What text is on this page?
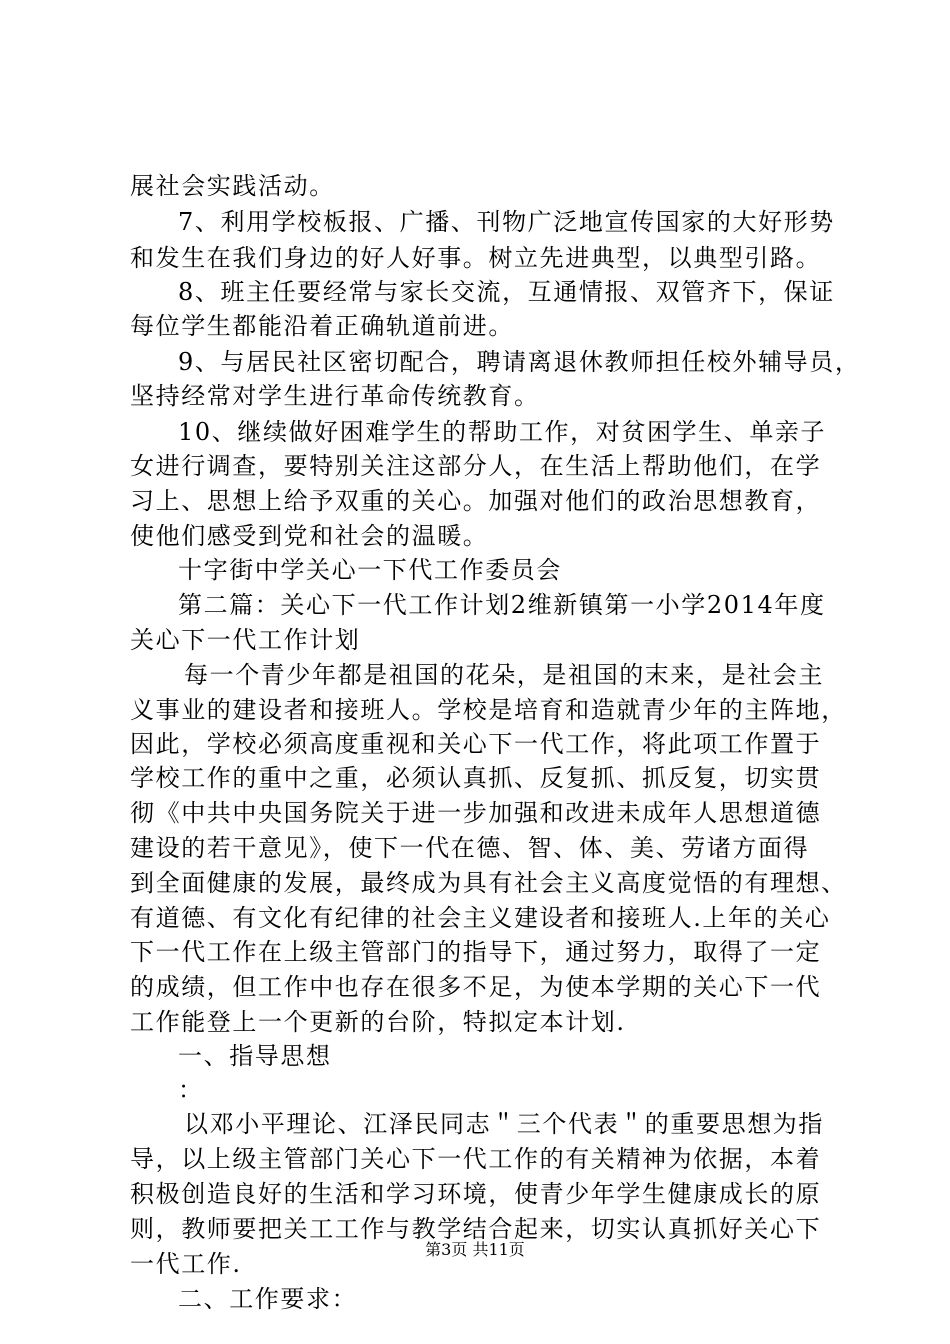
展社会实践活动。
7、利用学校板报、广播、刊物广泛地宣传国家的大好形势
和发生在我们身边的好人好事。树立先进典型，以典型引路。
8、班主任要经常与家长交流，互通情报、双管齐下，保证
每位学生都能沿着正确轨道前进。
9、与居民社区密切配合，聘请离退休教师担任校外辅导员，
坚持经常对学生进行革命传统教育。
10、继续做好困难学生的帮助工作，对贫困学生、单亲子
女进行调查，要特别关注这部分人，在生活上帮助他们，在学
习上、思想上给予双重的关心。加强对他们的政治思想教育，
使他们感受到党和社会的温暖。
十字街中学关心一下代工作委员会
第二篇：关心下一代工作计划2维新镇第一小学2014年度
关心下一代工作计划
每一个青少年都是祖国的花朵，是祖国的末来，是社会主
义事业的建设者和接班人。学校是培育和造就青少年的主阵地，
因此，学校必须高度重视和关心下一代工作，将此项工作置于
学校工作的重中之重，必须认真抓、反复抓、抓反复，切实贯
彻《中共中央国务院关于进一步加强和改进未成年人思想道德
建设的若干意见》，使下一代在德、智、体、美、劳诸方面得
到全面健康的发展，最终成为具有社会主义高度觉悟的有理想、
有道德、有文化有纪律的社会主义建设者和接班人.上年的关心
下一代工作在上级主管部门的指导下，通过努力，取得了一定
的成绩，但工作中也存在很多不足，为使本学期的关心下一代
工作能登上一个更新的台阶，特拟定本计划.
一、指导思想
：
以邓小平理论、江泽民同志＂三个代表＂的重要思想为指
导，以上级主管部门关心下一代工作的有关精神为依据，本着
积极创造良好的生活和学习环境，使青少年学生健康成长的原
则，教师要把关工工作与教学结合起来，切实认真抓好关心下
一代工作.
二、工作要求：
第3页 共11页
